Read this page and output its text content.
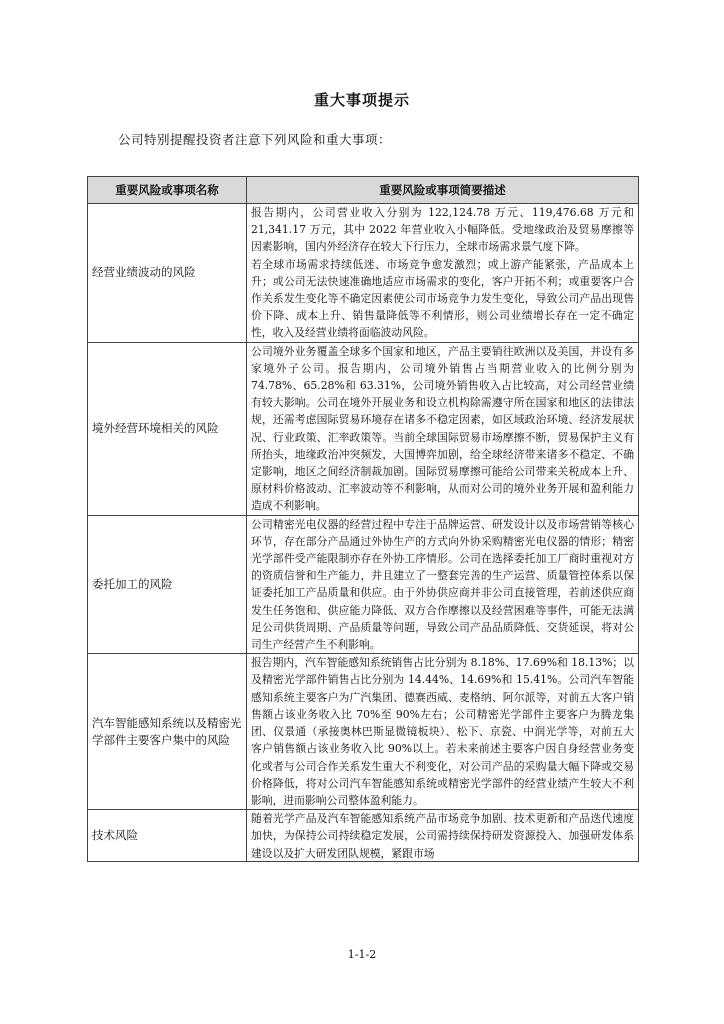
重大事项提示
公司特别提醒投资者注意下列风险和重大事项：
重要风险或事项名称	重要风险或事项简要描述
经营业绩波动的风险	报告期内，公司营业收入分别为 122,124.78 万元、119,476.68 万元和 21,341.17 万元，其中 2022 年营业收入小幅降低。受地缘政治及贸易摩擦等因素影响，国内外经济存在较大下行压力，全球市场需求景气度下降。

若全球市场需求持续低迷、市场竞争愈发激烈；或上游产能紧张，产品成本上升；或公司无法快速准确地适应市场需求的变化，客户开拓不利；或重要客户合作关系发生变化等不确定因素使公司市场竞争力发生变化，导致公司产品出现售价下降、成本上升、销售量降低等不利情形，则公司业绩增长存在一定不确定性，收入及经营业绩将面临波动风险。

境外经营环境相关的风险	公司境外业务覆盖全球多个国家和地区，产品主要销往欧洲以及美国，并设有多家境外子公司。报告期内，公司境外销售占当期营业收入的比例分别为 74.78%、65.28%和 63.31%，公司境外销售收入占比较高，对公司经营业绩有较大影响。公司在境外开展业务和设立机构除需遵守所在国家和地区的法律法规，还需考虑国际贸易环境存在诸多不稳定因素，如区域政治环境、经济发展状况、行业政策、汇率政策等。当前全球国际贸易市场摩擦不断，贸易保护主义有所抬头，地缘政治冲突频发，大国博弈加剧，给全球经济带来诸多不稳定、不确定影响，地区之间经济制裁加剧。国际贸易摩擦可能给公司带来关税成本上升、原材料价格波动、汇率波动等不利影响，从而对公司的境外业务开展和盈利能力造成不利影响。

委托加工的风险	公司精密光电仪器的经营过程中专注于品牌运营、研发设计以及市场营销等核心环节，存在部分产品通过外协生产的方式向外协采购精密光电仪器的情形；精密光学部件受产能限制亦存在外协工序情形。公司在选择委托加工厂商时重视对方的资质信誉和生产能力，并且建立了一整套完善的生产运营、质量管控体系以保证委托加工产品质量和供应。由于外协供应商并非公司直接管理，若前述供应商发生任务饱和、供应能力降低、双方合作摩擦以及经营困难等事件，可能无法满足公司供货周期、产品质量等问题，导致公司产品品质降低、交货延误，将对公司生产经营产生不利影响。

汽车智能感知系统以及精密光学部件主要客户集中的风险	报告期内，汽车智能感知系统销售占比分别为 8.18%、17.69%和 18.13%；以及精密光学部件销售占比分别为 14.44%、14.69%和 15.41%。公司汽车智能感知系统主要客户为广汽集团、德赛西威、麦格纳、阿尔派等，对前五大客户销售额占该业务收入比 70%至 90%左右；公司精密光学部件主要客户为腾龙集团、仪景通（承接奥林巴斯显微镜板块）、松下、京瓷、中润光学等，对前五大客户销售额占该业务收入比 90%以上。若未来前述主要客户因自身经营业务变化或者与公司合作关系发生重大不利变化，对公司产品的采购量大幅下降或交易价格降低，将对公司汽车智能感知系统或精密光学部件的经营业绩产生较大不利影响，进而影响公司整体盈利能力。

技术风险	随着光学产品及汽车智能感知系统产品市场竞争加剧、技术更新和产品迭代速度加快，为保持公司持续稳定发展，公司需持续保持研发资源投入、加强研发体系建设以及扩大研发团队规模，紧跟市场

1-1-2
